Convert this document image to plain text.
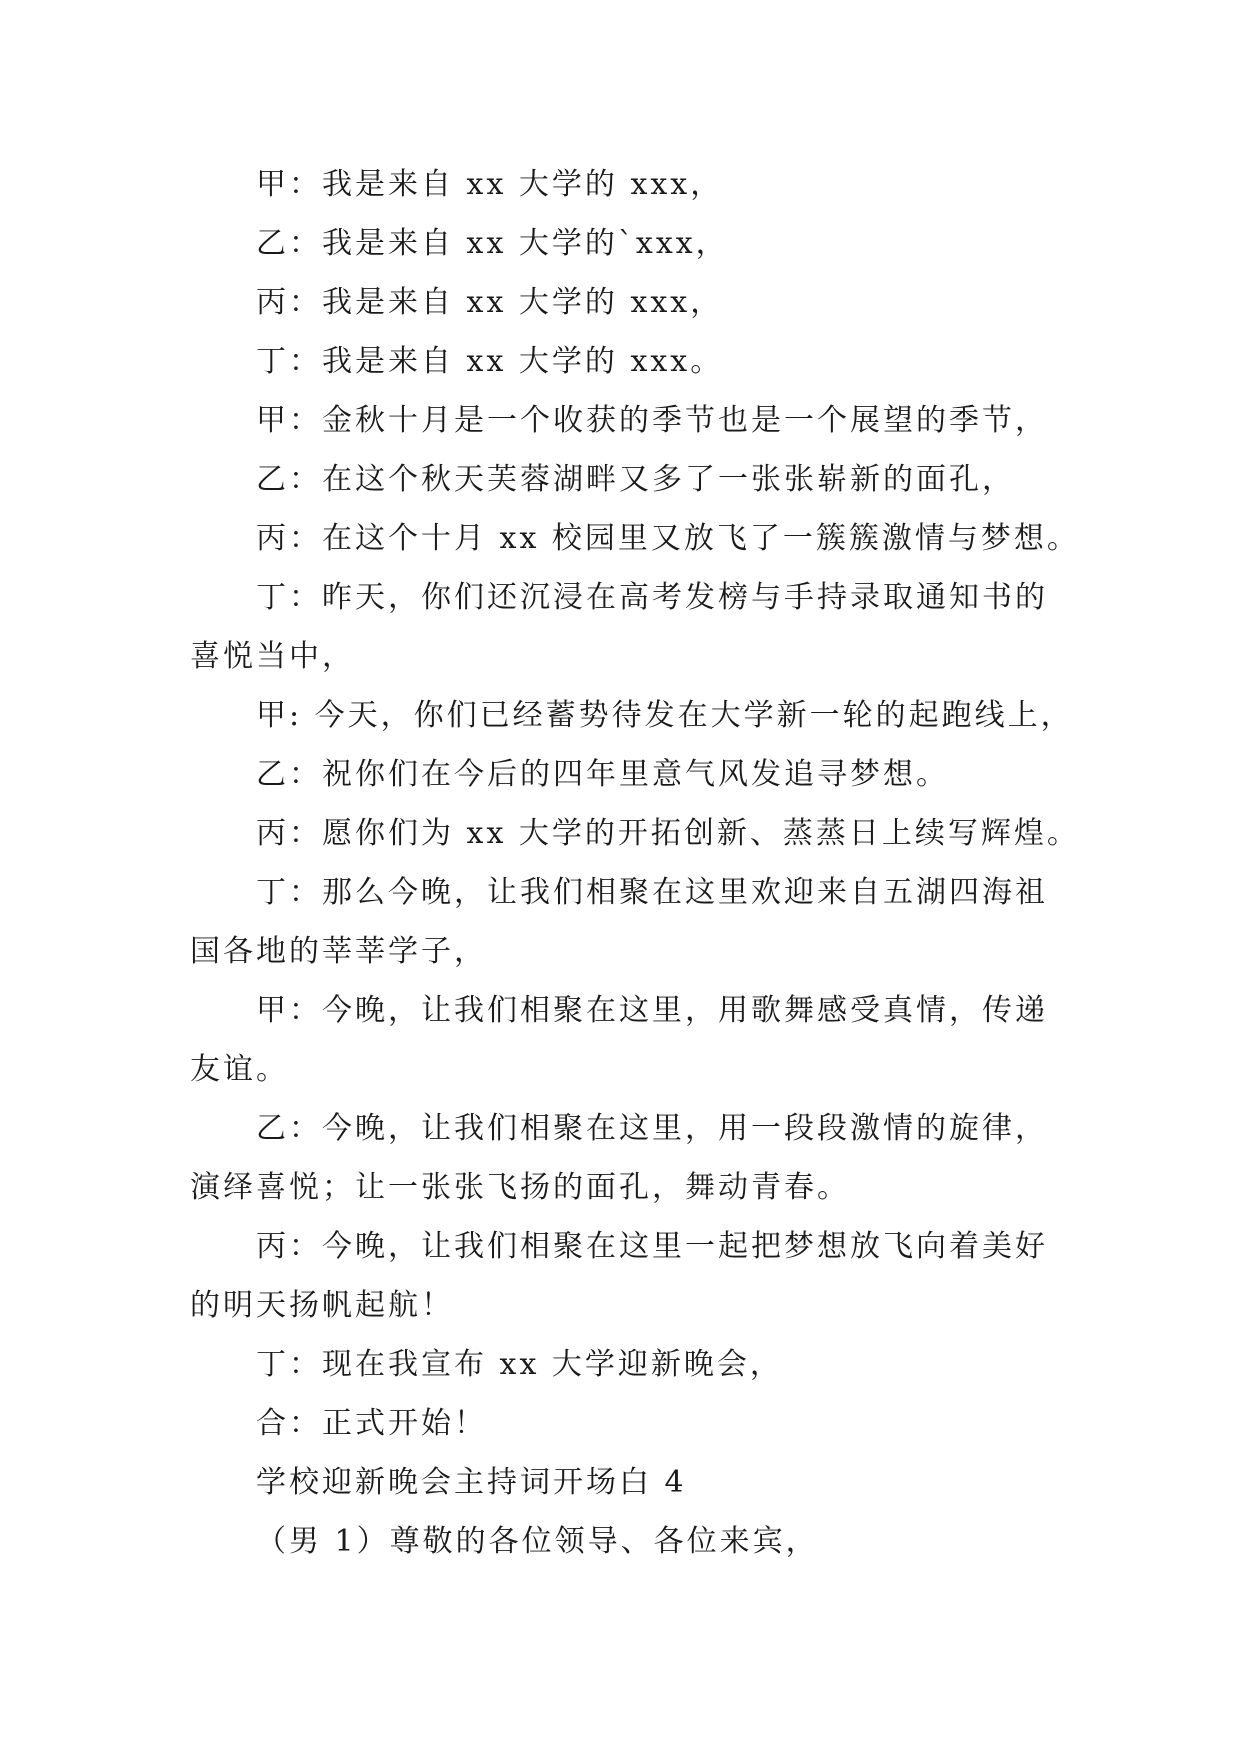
甲：我是来自 xx 大学的 xxx，

乙：我是来自 xx 大学的`xxx，

丙：我是来自 xx 大学的 xxx，

丁：我是来自 xx 大学的 xxx。

甲：金秋十月是一个收获的季节也是一个展望的季节，

乙：在这个秋天芙蓉湖畔又多了一张张崭新的面孔，

丙：在这个十月 xx 校园里又放飞了一簇簇激情与梦想。

丁：昨天，你们还沉浸在高考发榜与手持录取通知书的

喜悦当中，

甲: 今天，你们已经蓄势待发在大学新一轮的起跑线上，

乙：祝你们在今后的四年里意气风发追寻梦想。

丙：愿你们为 xx 大学的开拓创新、蒸蒸日上续写辉煌。

丁：那么今晚，让我们相聚在这里欢迎来自五湖四海祖

国各地的莘莘学子，

甲：今晚，让我们相聚在这里，用歌舞感受真情，传递

友谊。

乙：今晚，让我们相聚在这里，用一段段激情的旋律，

演绎喜悦；让一张张飞扬的面孔，舞动青春。

丙：今晚，让我们相聚在这里一起把梦想放飞向着美好

的明天扬帆起航！

丁：现在我宣布 xx 大学迎新晚会，

合：正式开始！

学校迎新晚会主持词开场白 4

（男 1）尊敬的各位领导、各位来宾，
